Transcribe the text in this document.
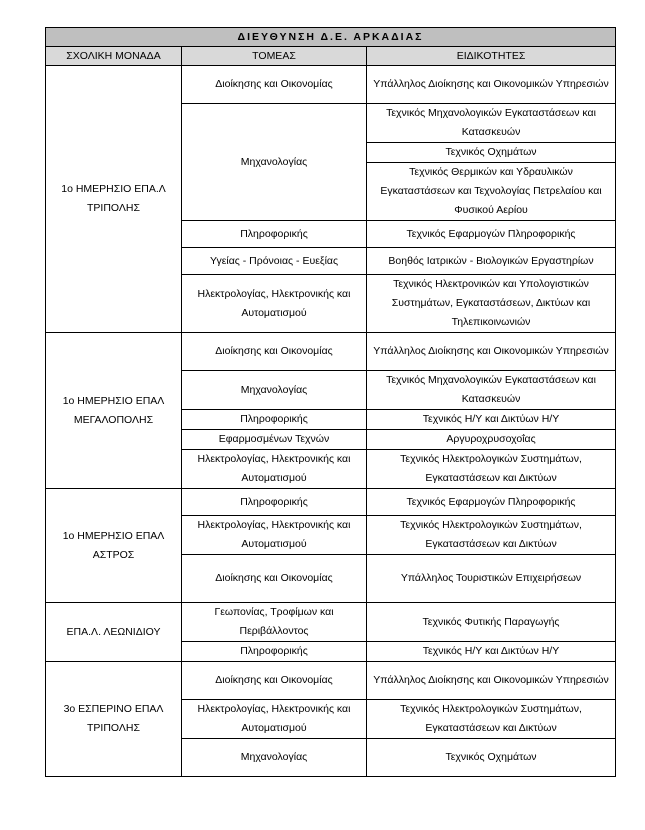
ΔΙΕΥΘΥΝΣΗ Δ.Ε. ΑΡΚΑΔΙΑΣ		
ΣΧΟΛΙΚΗ ΜΟΝΑΔΑ	ΤΟΜΕΑΣ	ΕΙΔΙΚΟΤΗΤΕΣ
1ο ΗΜΕΡΗΣΙΟ ΕΠΑ.Λ ΤΡΙΠΟΛΗΣ	Διοίκησης και Οικονομίας	Υπάλληλος Διοίκησης και Οικονομικών Υπηρεσιών
	Μηχανολογίας	Τεχνικός Μηχανολογικών Εγκαταστάσεων και Κατασκευών
		Τεχνικός Οχημάτων
		Τεχνικός Θερμικών και Υδραυλικών Εγκαταστάσεων και Τεχνολογίας Πετρελαίου και Φυσικού Αερίου
	Πληροφορικής	Τεχνικός Εφαρμογών Πληροφορικής
	Υγείας - Πρόνοιας - Ευεξίας	Βοηθός Ιατρικών - Βιολογικών Εργαστηρίων
	Ηλεκτρολογίας, Ηλεκτρονικής και Αυτοματισμού	Τεχνικός Ηλεκτρονικών και Υπολογιστικών Συστημάτων, Εγκαταστάσεων, Δικτύων και Τηλεπικοινωνιών
1ο ΗΜΕΡΗΣΙΟ ΕΠΑΛ ΜΕΓΑΛΟΠΟΛΗΣ	Διοίκησης και Οικονομίας	Υπάλληλος Διοίκησης και Οικονομικών Υπηρεσιών
	Μηχανολογίας	Τεχνικός Μηχανολογικών Εγκαταστάσεων και Κατασκευών
	Πληροφορικής	Τεχνικός Η/Υ και Δικτύων Η/Υ
	Εφαρμοσμένων Τεχνών	Αργυροχρυσοχοΐας
	Ηλεκτρολογίας, Ηλεκτρονικής και Αυτοματισμού	Τεχνικός Ηλεκτρολογικών Συστημάτων, Εγκαταστάσεων και Δικτύων
1ο ΗΜΕΡΗΣΙΟ ΕΠΑΛ ΑΣΤΡΟΣ	Πληροφορικής	Τεχνικός Εφαρμογών Πληροφορικής
	Ηλεκτρολογίας, Ηλεκτρονικής και Αυτοματισμού	Τεχνικός Ηλεκτρολογικών Συστημάτων, Εγκαταστάσεων και Δικτύων
	Διοίκησης και Οικονομίας	Υπάλληλος Τουριστικών Επιχειρήσεων
ΕΠΑ.Λ. ΛΕΩΝΙΔΙΟΥ	Γεωπονίας, Τροφίμων και Περιβάλλοντος	Τεχνικός Φυτικής Παραγωγής
	Πληροφορικής	Τεχνικός Η/Υ και Δικτύων Η/Υ
3ο ΕΣΠΕΡΙΝΟ ΕΠΑΛ ΤΡΙΠΟΛΗΣ	Διοίκησης και Οικονομίας	Υπάλληλος Διοίκησης και Οικονομικών Υπηρεσιών
	Ηλεκτρολογίας, Ηλεκτρονικής και Αυτοματισμού	Τεχνικός Ηλεκτρολογικών Συστημάτων, Εγκαταστάσεων και Δικτύων
	Μηχανολογίας	Τεχνικός Οχημάτων
